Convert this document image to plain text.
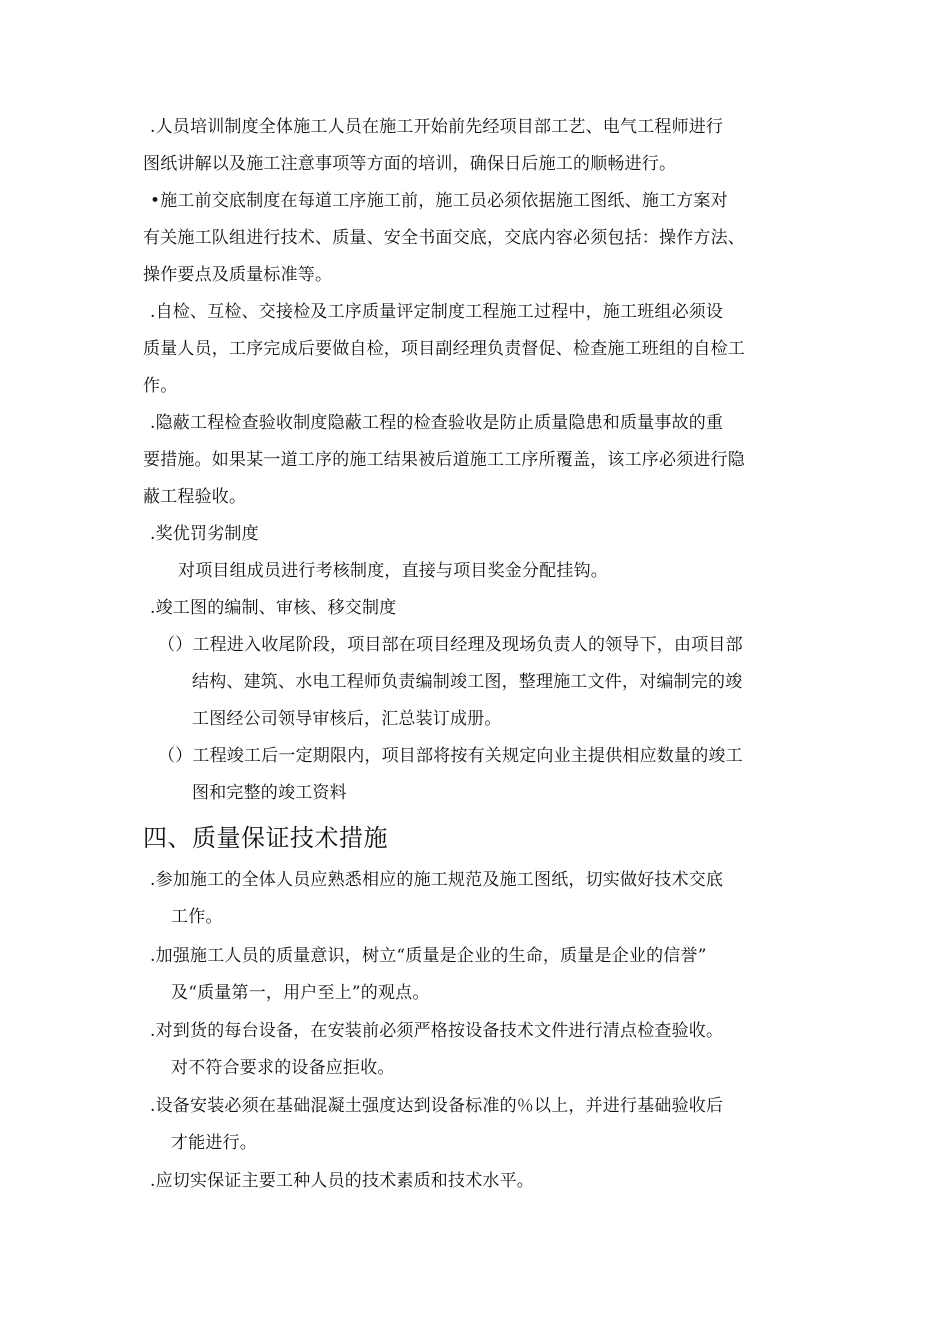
.人员培训制度全体施工人员在施工开始前先经项目部工艺、电气工程师进行
图纸讲解以及施工注意事项等方面的培训，确保日后施工的顺畅进行。
•施工前交底制度在每道工序施工前，施工员必须依据施工图纸、施工方案对
有关施工队组进行技术、质量、安全书面交底，交底内容必须包括：操作方法、
操作要点及质量标准等。
.自检、互检、交接检及工序质量评定制度工程施工过程中，施工班组必须设
质量人员，工序完成后要做自检，项目副经理负责督促、检查施工班组的自检工
作。
.隐蔽工程检查验收制度隐蔽工程的检查验收是防止质量隐患和质量事故的重
要措施。如果某一道工序的施工结果被后道施工工序所覆盖，该工序必须进行隐
蔽工程验收。
.奖优罚劣制度
对项目组成员进行考核制度，直接与项目奖金分配挂钩。
.竣工图的编制、审核、移交制度
（）工程进入收尾阶段，项目部在项目经理及现场负责人的领导下，由项目部
结构、建筑、水电工程师负责编制竣工图，整理施工文件，对编制完的竣
工图经公司领导审核后，汇总装订成册。
（）工程竣工后一定期限内，项目部将按有关规定向业主提供相应数量的竣工
图和完整的竣工资料
四、质量保证技术措施
.参加施工的全体人员应熟悉相应的施工规范及施工图纸，切实做好技术交底
工作。
.加强施工人员的质量意识，树立“质量是企业的生命，质量是企业的信誉”
及“质量第一，用户至上”的观点。
.对到货的每台设备，在安装前必须严格按设备技术文件进行清点检查验收。
对不符合要求的设备应拒收。
.设备安装必须在基础混凝土强度达到设备标准的％以上，并进行基础验收后
才能进行。
.应切实保证主要工种人员的技术素质和技术水平。
